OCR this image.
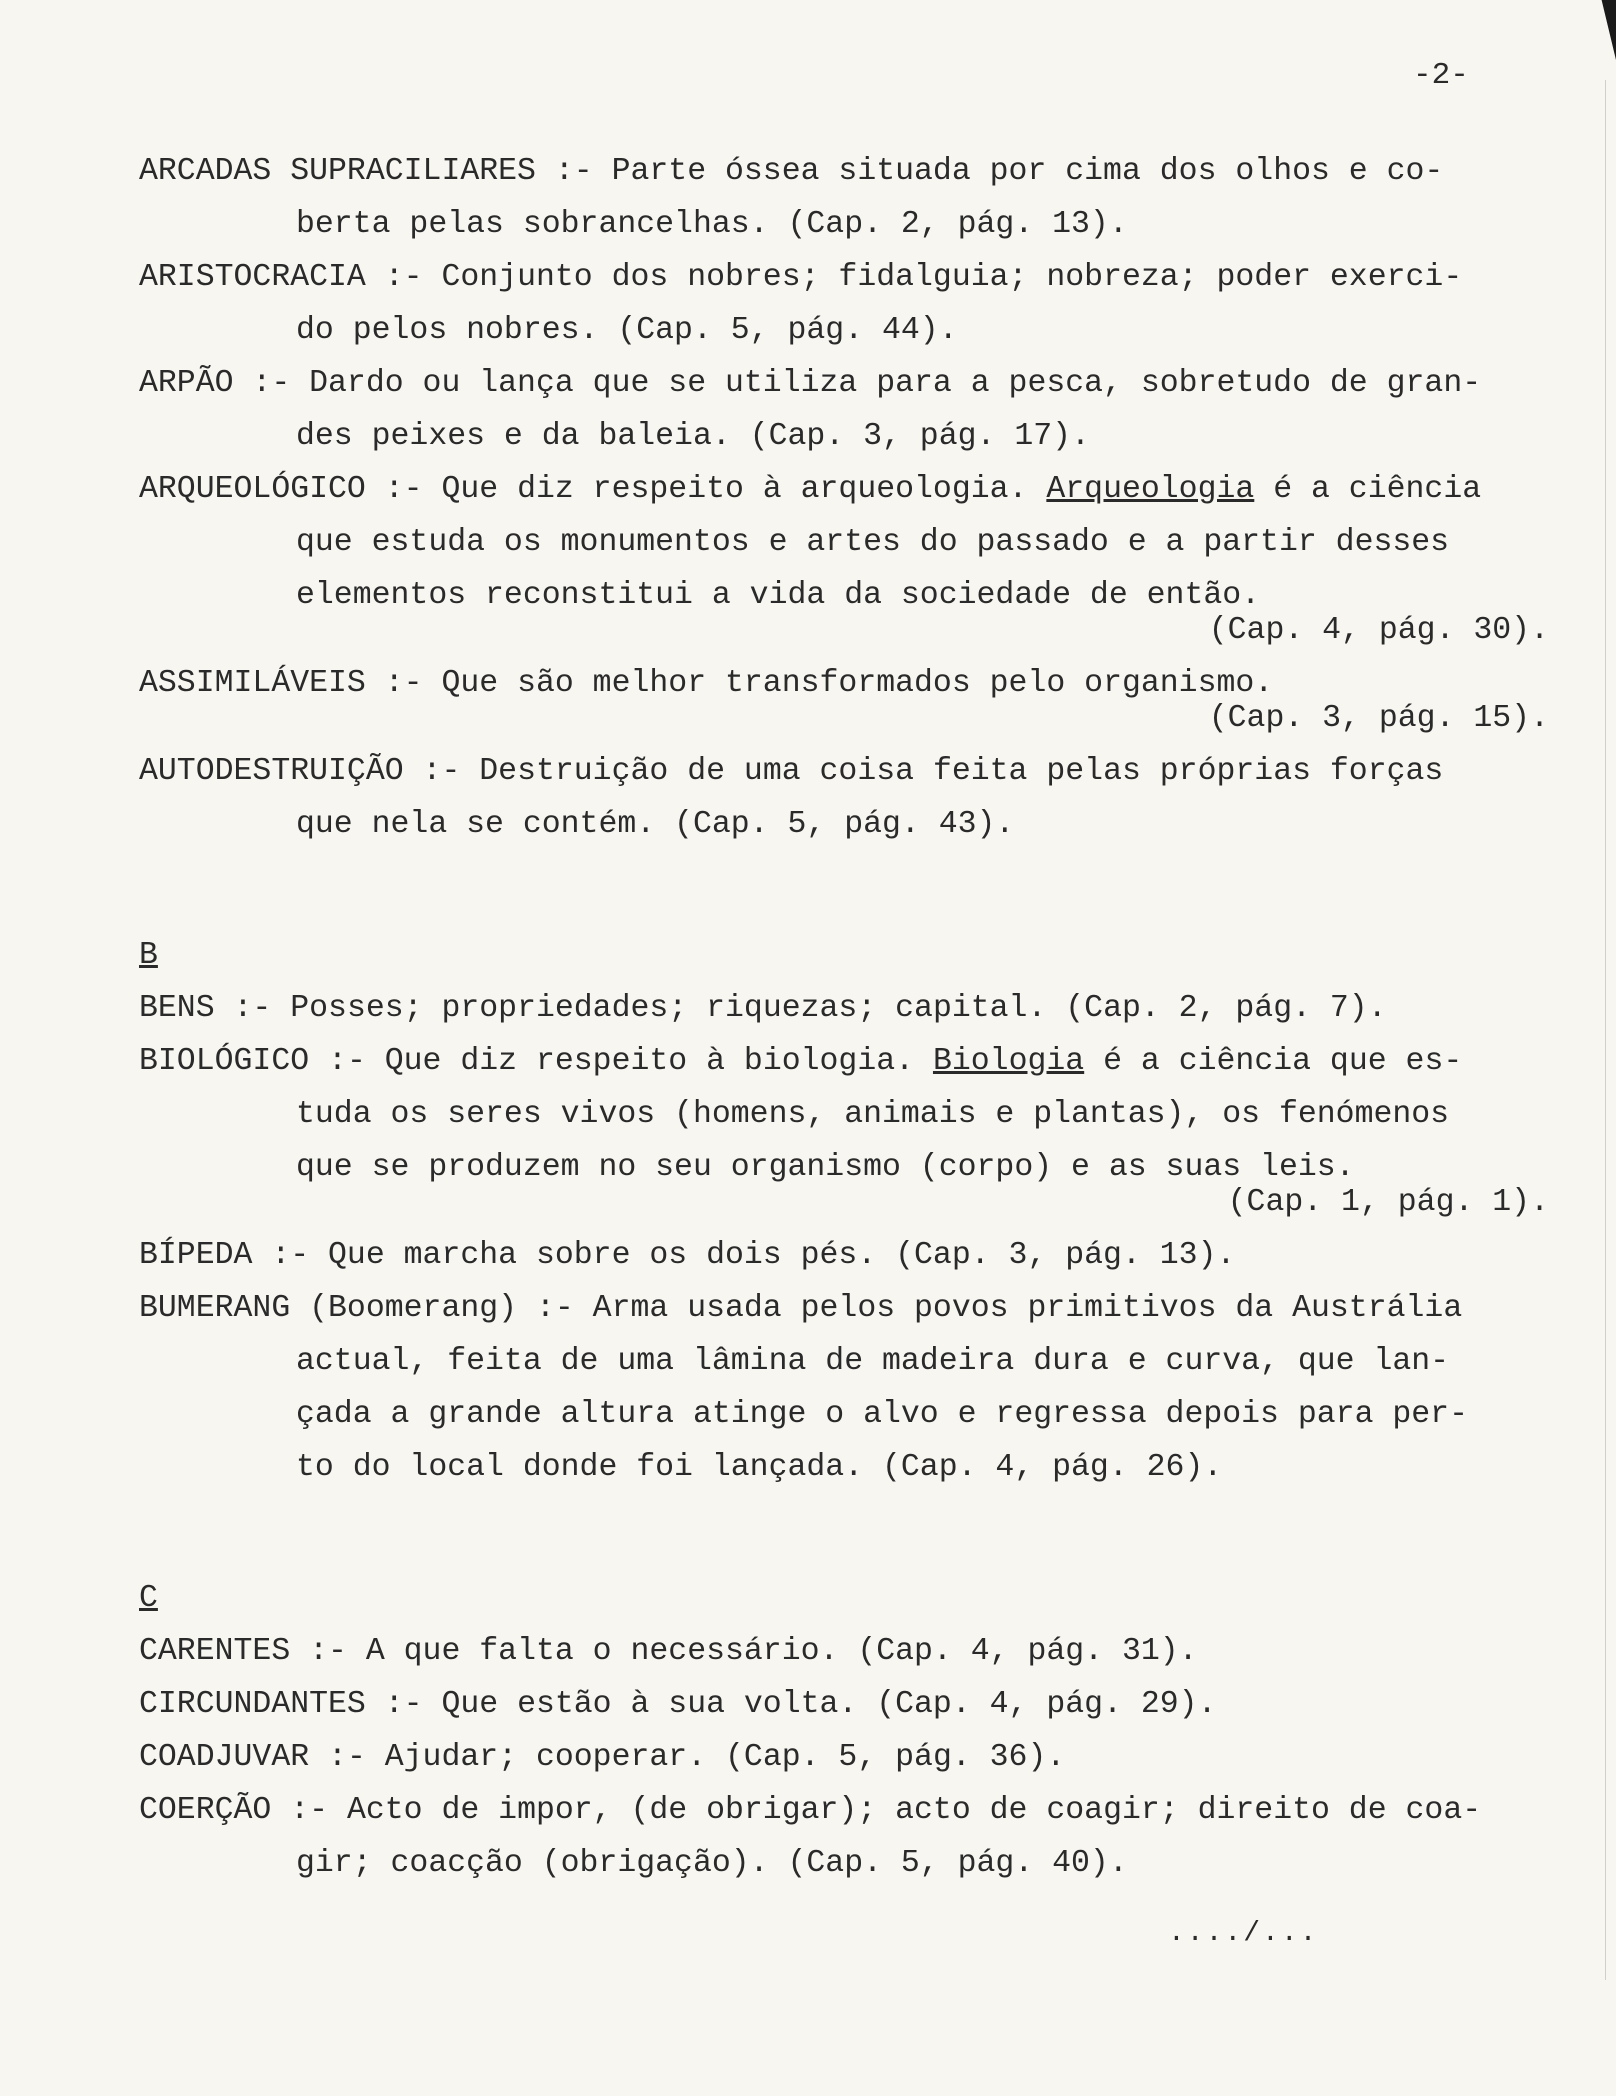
-2-
ARCADAS SUPRACILIARES :- Parte óssea situada por cima dos olhos e co-
berta pelas sobrancelhas. (Cap. 2, pág. 13).
ARISTOCRACIA :- Conjunto dos nobres; fidalguia; nobreza; poder exerci-
do pelos nobres. (Cap. 5, pág. 44).
ARPÃO :- Dardo ou lança que se utiliza para a pesca, sobretudo de gran-
des peixes e da baleia. (Cap. 3, pág. 17).
ARQUEOLÓGICO :- Que diz respeito à arqueologia. Arqueologia é a ciência
que estuda os monumentos e artes do passado e a partir desses
elementos reconstitui a vida da sociedade de então.
(Cap. 4, pág. 30).
ASSIMILÁVEIS :- Que são melhor transformados pelo organismo.
(Cap. 3, pág. 15).
AUTODESTRUIÇÃO :- Destruição de uma coisa feita pelas próprias forças
que nela se contém. (Cap. 5, pág. 43).
B
BENS :- Posses; propriedades; riquezas; capital. (Cap. 2, pág. 7).
BIOLÓGICO :- Que diz respeito à biologia. Biologia é a ciência que es-
tuda os seres vivos (homens, animais e plantas), os fenómenos
que se produzem no seu organismo (corpo) e as suas leis.
(Cap. 1, pág. 1).
BÍPEDA :- Que marcha sobre os dois pés. (Cap. 3, pág. 13).
BUMERANG (Boomerang) :- Arma usada pelos povos primitivos da Austrália
actual, feita de uma lâmina de madeira dura e curva, que lan-
çada a grande altura atinge o alvo e regressa depois para per-
to do local donde foi lançada. (Cap. 4, pág. 26).
C
CARENTES :- A que falta o necessário. (Cap. 4, pág. 31).
CIRCUNDANTES :- Que estão à sua volta. (Cap. 4, pág. 29).
COADJUVAR :- Ajudar; cooperar. (Cap. 5, pág. 36).
COERÇÃO :- Acto de impor, (de obrigar); acto de coagir; direito de coa-
gir; coacção (obrigação). (Cap. 5, pág. 40).
..../...
